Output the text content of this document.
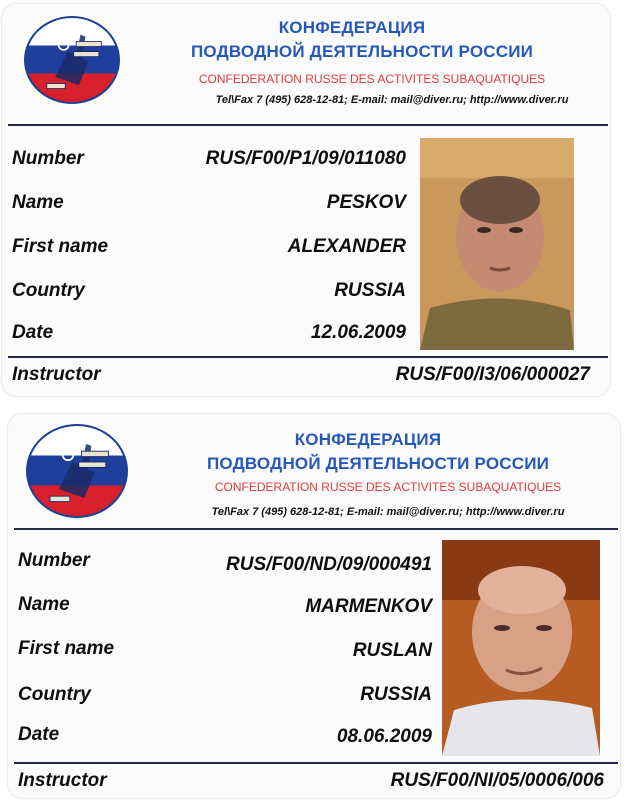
КОНФЕДЕРАЦИЯ
ПОДВОДНОЙ ДЕЯТЕЛЬНОСТИ РОССИИ
CONFEDERATION RUSSE DES ACTIVITES SUBAQUATIQUES
Tel\Fax 7 (495) 628-12-81; E-mail: mail@diver.ru; http://www.diver.ru
Number
Name
First name
Country
Date
RUS/F00/P1/09/011080
PESKOV
ALEXANDER
RUSSIA
12.06.2009
Instructor	RUS/F00/I3/06/000027
КОНФЕДЕРАЦИЯ
ПОДВОДНОЙ ДЕЯТЕЛЬНОСТИ РОССИИ
CONFEDERATION RUSSE DES ACTIVITES SUBAQUATIQUES
Tel\Fax 7 (495) 628-12-81; E-mail: mail@diver.ru; http://www.diver.ru
Number
Name
First name
Country
Date
RUS/F00/ND/09/000491
MARMENKOV
RUSLAN
RUSSIA
08.06.2009
Instructor	RUS/F00/NI/05/0006/006
